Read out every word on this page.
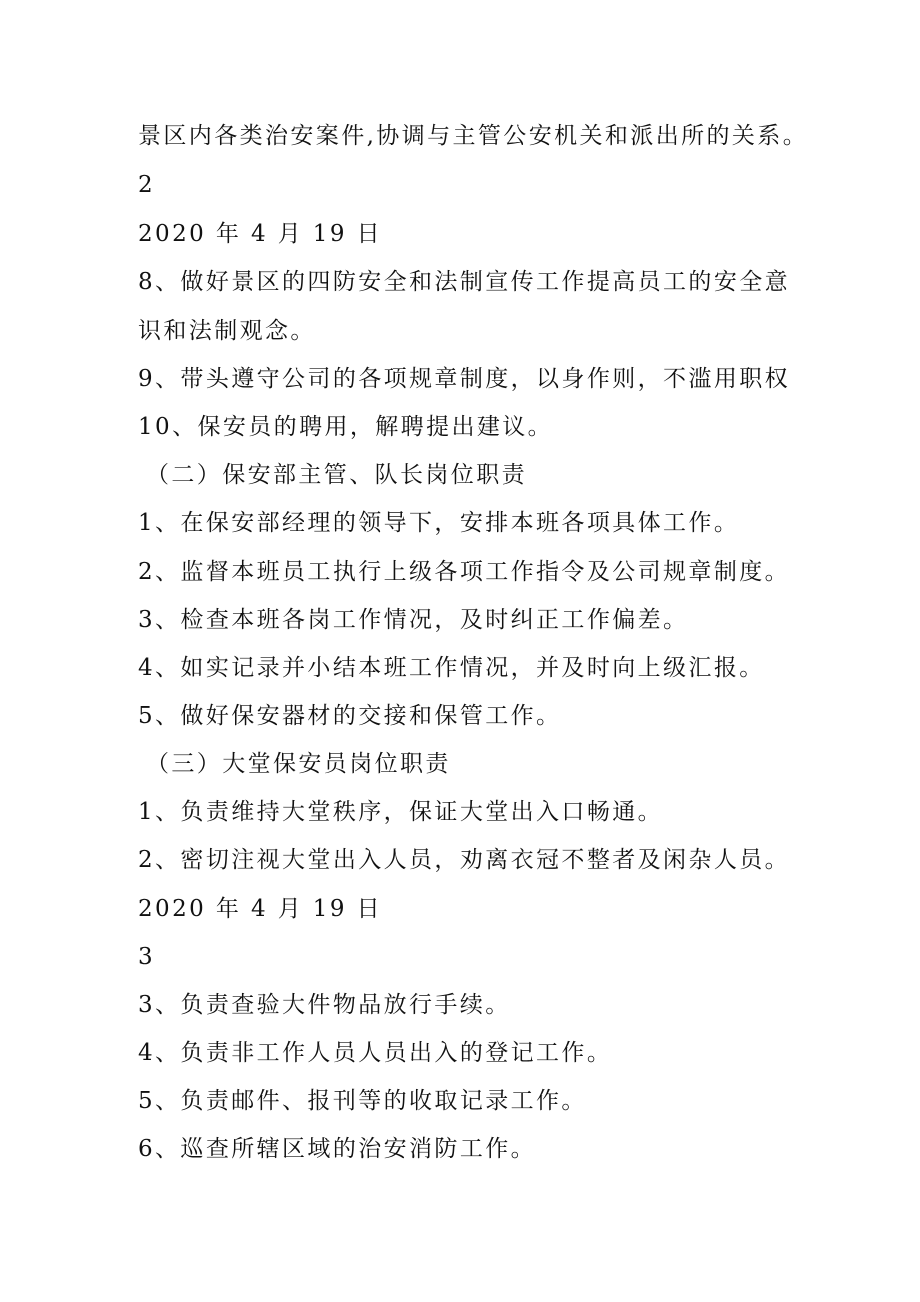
景区内各类治安案件,协调与主管公安机关和派出所的关系。
2
2020 年 4 月 19 日
8、做好景区的四防安全和法制宣传工作提高员工的安全意
识和法制观念。
9、带头遵守公司的各项规章制度，以身作则，不滥用职权
10、保安员的聘用，解聘提出建议。
（二）保安部主管、队长岗位职责
1、在保安部经理的领导下，安排本班各项具体工作。
2、监督本班员工执行上级各项工作指令及公司规章制度。
3、检查本班各岗工作情况，及时纠正工作偏差。
4、如实记录并小结本班工作情况，并及时向上级汇报。
5、做好保安器材的交接和保管工作。
（三）大堂保安员岗位职责
1、负责维持大堂秩序，保证大堂出入口畅通。
2、密切注视大堂出入人员，劝离衣冠不整者及闲杂人员。
2020 年 4 月 19 日
3
3、负责查验大件物品放行手续。
4、负责非工作人员人员出入的登记工作。
5、负责邮件、报刊等的收取记录工作。
6、巡查所辖区域的治安消防工作。
